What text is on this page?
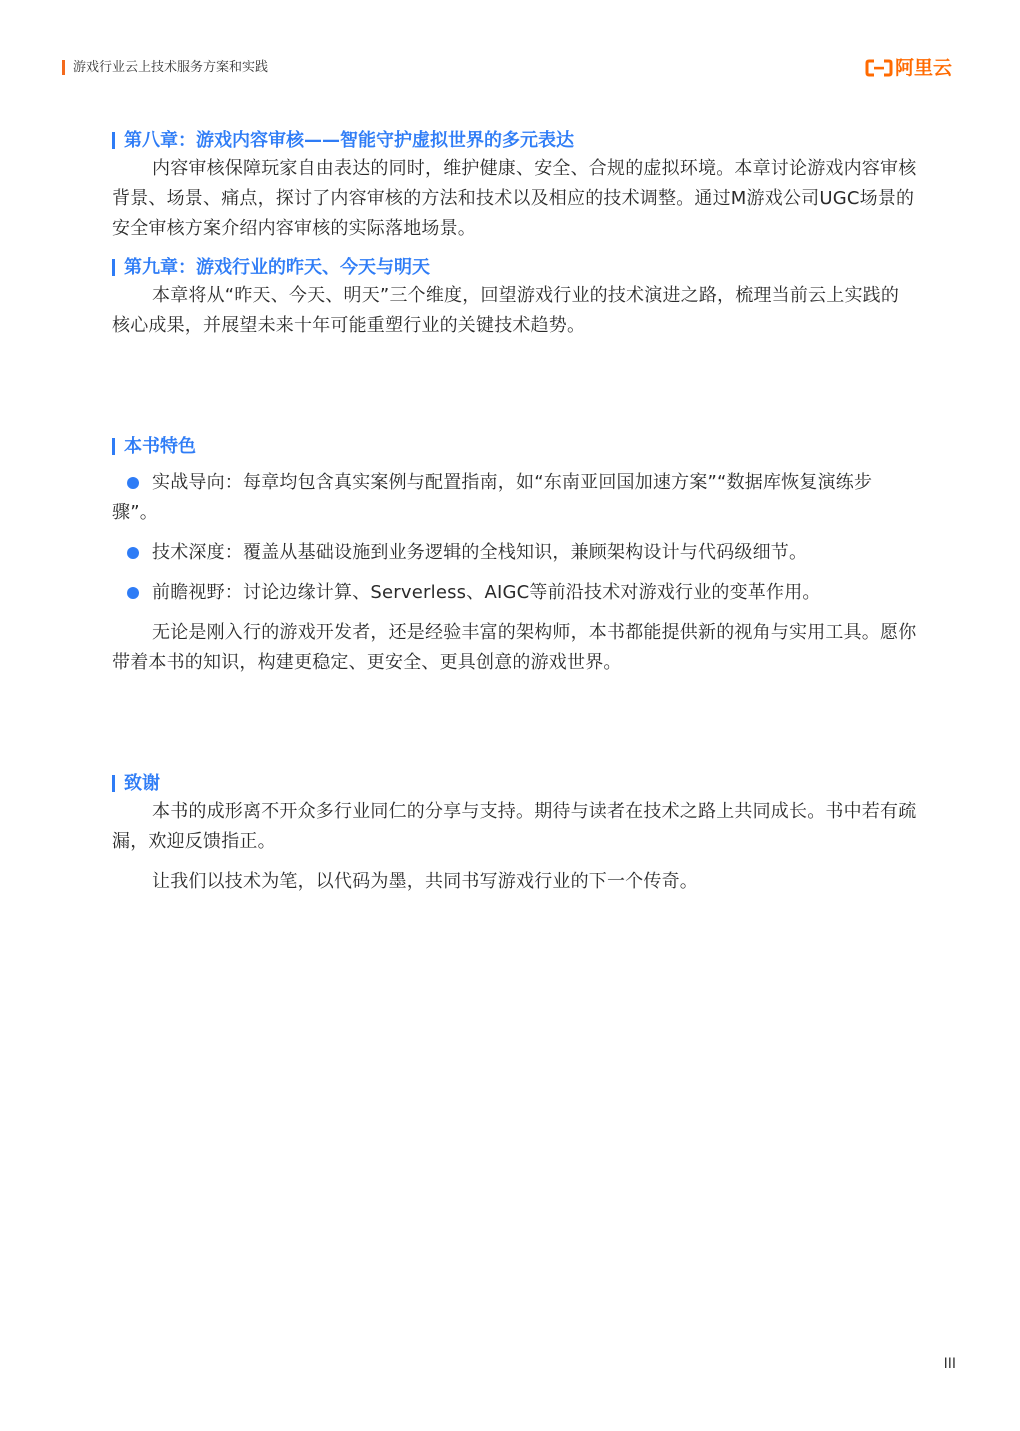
游戏行业云上技术服务方案和实践	阿里云
第八章：游戏内容审核——智能守护虚拟世界的多元表达

内容审核保障玩家自由表达的同时，维护健康、安全、合规的虚拟环境。本章讨论游戏内容审核背景、场景、痛点，探讨了内容审核的方法和技术以及相应的技术调整。通过M游戏公司UGC场景的安全审核方案介绍内容审核的实际落地场景。

第九章：游戏行业的昨天、今天与明天

本章将从“昨天、今天、明天”三个维度，回望游戏行业的技术演进之路，梳理当前云上实践的核心成果，并展望未来十年可能重塑行业的关键技术趋势。

本书特色

实战导向：每章均包含真实案例与配置指南，如“东南亚回国加速方案”“数据库恢复演练步骤”。

技术深度：覆盖从基础设施到业务逻辑的全栈知识，兼顾架构设计与代码级细节。

前瞻视野：讨论边缘计算、Serverless、AIGC等前沿技术对游戏行业的变革作用。

无论是刚入行的游戏开发者，还是经验丰富的架构师，本书都能提供新的视角与实用工具。愿你带着本书的知识，构建更稳定、更安全、更具创意的游戏世界。

致谢

本书的成形离不开众多行业同仁的分享与支持。期待与读者在技术之路上共同成长。书中若有疏漏，欢迎反馈指正。

让我们以技术为笔，以代码为墨，共同书写游戏行业的下一个传奇。

III
